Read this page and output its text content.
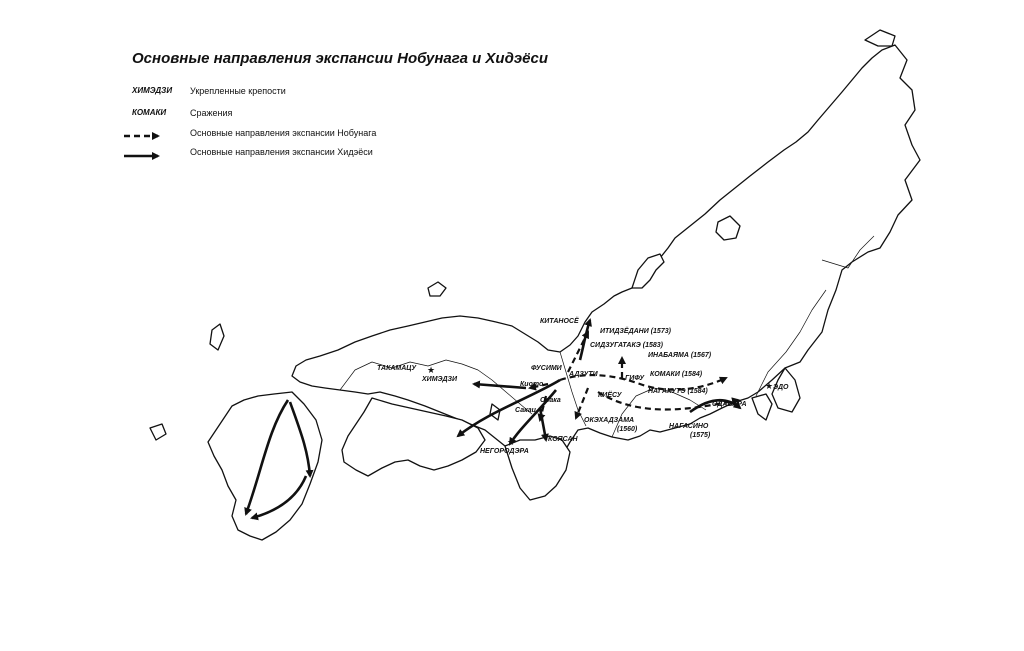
Основные направления экспансии Нобунага и Хидэёси
ХИМЭДЗИ	Укрепленные крепости
КОМАКИ	Сражения
Основные направления экспансии Нобунага
Основные направления экспансии Хидэёси
★
★
★
КИТАНОСЁ
ИТИДЗЁДАНИ (1573)
СИДЗУГАТАКЭ (1583)
ИНАБАЯМА (1567)
ТАКАМАЦУ	ФУСИМИ
АДЗУТИ
ГИФУ
КОМАКИ (1584)
ХИМЭДЗИ
Киото
НАГАКУТЭ (1584)
КИЁСУ
ЭДО
ОДАВАРА
Осака
Сакаи
ОКЭХАДЗАМА
(1560)	НАГАСИНО
(1575)
КОЯСАН
НЕГОРОДЭРА
